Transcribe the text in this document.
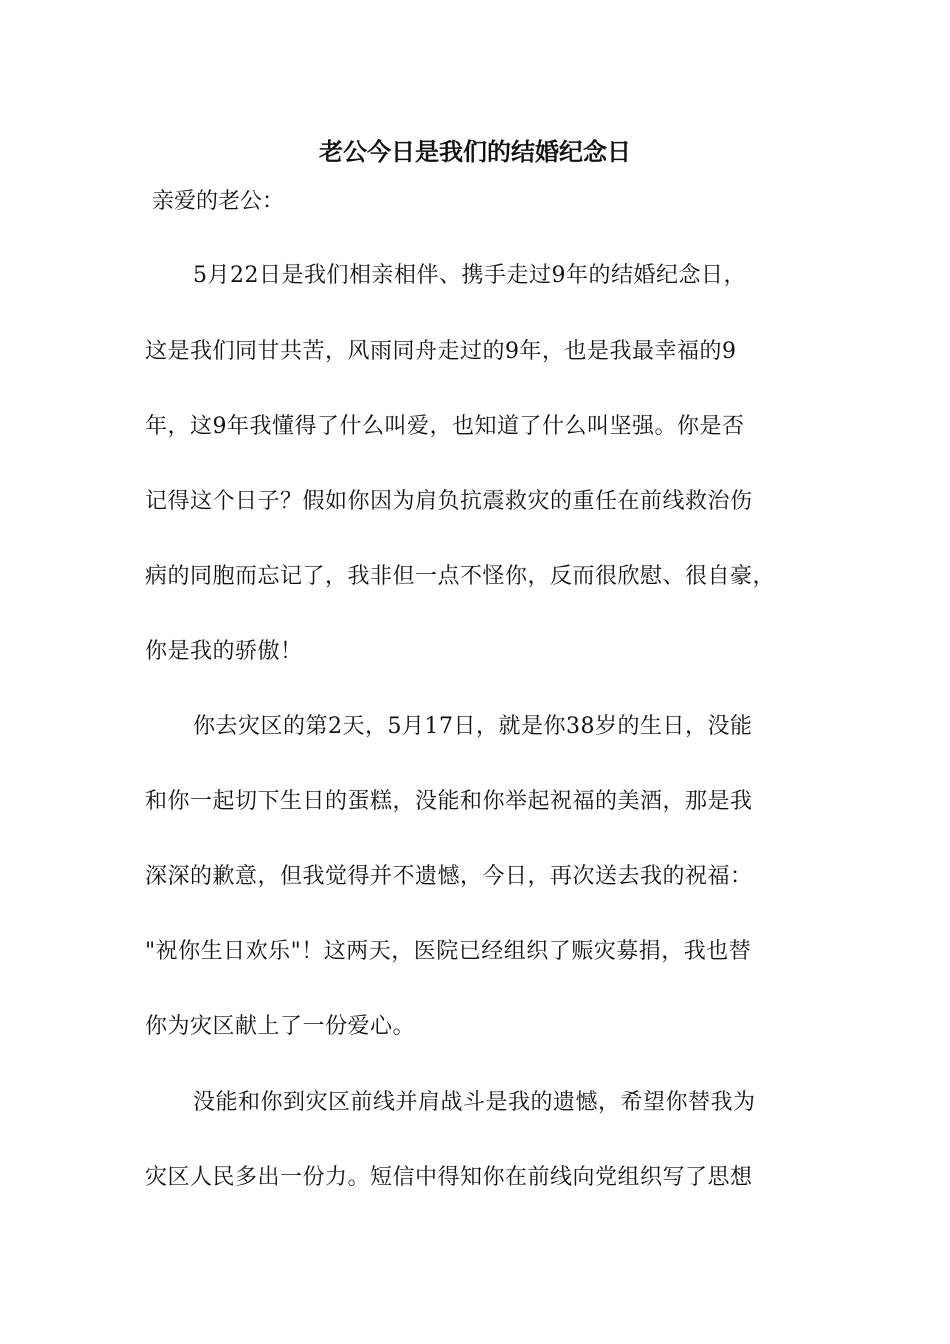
老公今日是我们的结婚纪念日
亲爱的老公：
5月22日是我们相亲相伴、携手走过9年的结婚纪念日，
这是我们同甘共苦，风雨同舟走过的9年，也是我最幸福的9
年，这9年我懂得了什么叫爱，也知道了什么叫坚强。你是否
记得这个日子？假如你因为肩负抗震救灾的重任在前线救治伤
病的同胞而忘记了，我非但一点不怪你，反而很欣慰、很自豪，
你是我的骄傲！
你去灾区的第2天，5月17日，就是你38岁的生日，没能
和你一起切下生日的蛋糕，没能和你举起祝福的美酒，那是我
深深的歉意，但我觉得并不遗憾，今日，再次送去我的祝福：
"祝你生日欢乐"！这两天，医院已经组织了赈灾募捐，我也替
你为灾区献上了一份爱心。
没能和你到灾区前线并肩战斗是我的遗憾，希望你替我为
灾区人民多出一份力。短信中得知你在前线向党组织写了思想
